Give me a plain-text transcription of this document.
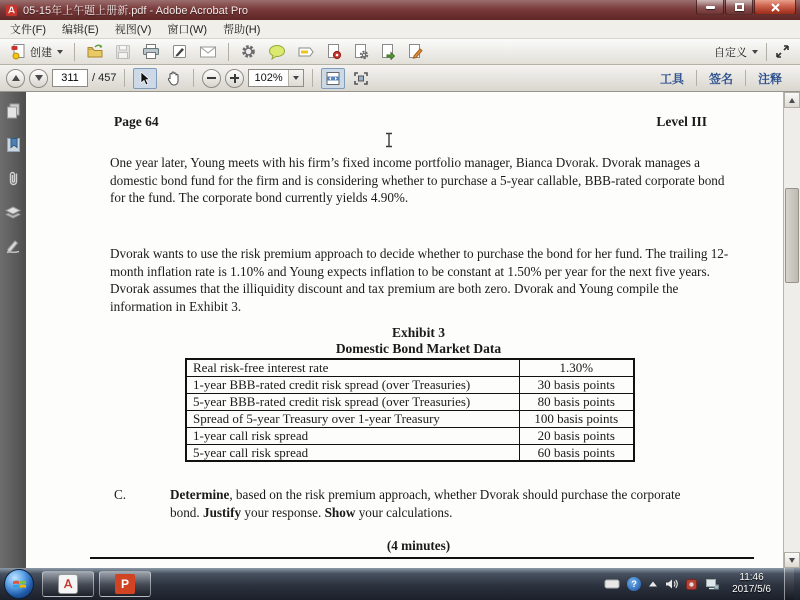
05-15年上午题上册新.pdf - Adobe Acrobat Pro
文件(F)	编辑(E)	视图(V)	窗口(W)	帮助(H)
创建	自定义
311
/ 457	102%	工具	签名	注释
Page 64	Level III
One year later, Young meets with his firm’s fixed income portfolio manager, Bianca Dvorak. Dvorak manages a domestic bond fund for the firm and is considering whether to purchase a 5-year callable, BBB-rated corporate bond for the fund. The corporate bond currently yields 4.90%.
Dvorak wants to use the risk premium approach to decide whether to purchase the bond for her fund. The trailing 12-month inflation rate is 1.10% and Young expects inflation to be constant at 1.50% per year for the next five years. Dvorak assumes that the illiquidity discount and tax premium are both zero. Dvorak and Young compile the information in Exhibit 3.
Exhibit 3
Domestic Bond Market Data
Real risk-free interest rate	1.30%
1-year BBB-rated credit risk spread (over Treasuries)	30 basis points
5-year BBB-rated credit risk spread (over Treasuries)	80 basis points
Spread of 5-year Treasury over 1-year Treasury	100 basis points
1-year call risk spread	20 basis points
5-year call risk spread	60 basis points
C.	Determine, based on the risk premium approach, whether Dvorak should purchase the corporate bond. Justify your response. Show your calculations.
(4 minutes)
P	?
11:46
2017/5/6
